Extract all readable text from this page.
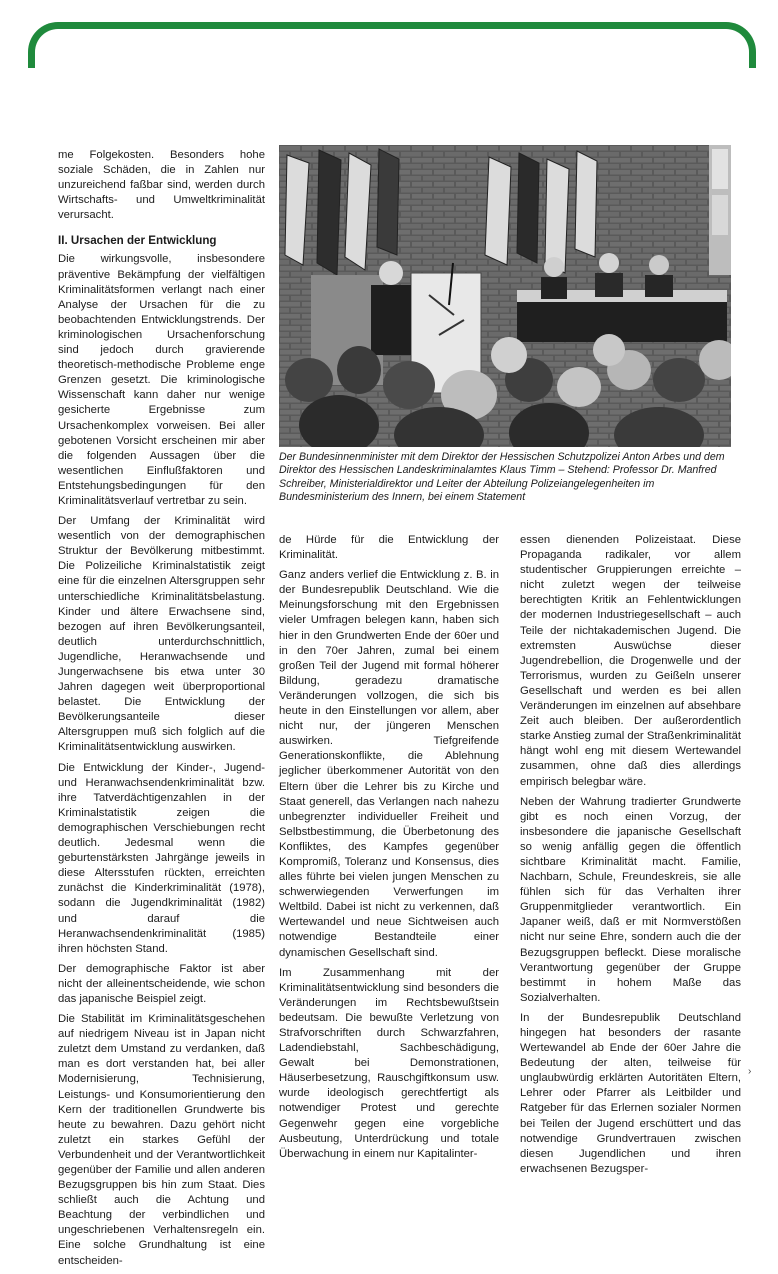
me Folgekosten. Besonders hohe soziale Schäden, die in Zahlen nur unzureichend faßbar sind, werden durch Wirtschafts- und Umweltkriminalität verursacht.

II. Ursachen der Entwicklung

Die wirkungsvolle, insbesondere präventive Bekämpfung der vielfältigen Kriminalitätsformen verlangt nach einer Analyse der Ursachen für die zu beobachtenden Entwicklungstrends. Der kriminologischen Ursachenforschung sind jedoch durch gravierende theoretisch-methodische Probleme enge Grenzen gesetzt. Die kriminologische Wissenschaft kann daher nur wenige gesicherte Ergebnisse zum Ursachenkomplex vorweisen. Bei aller gebotenen Vorsicht erscheinen mir aber die folgenden Aussagen über die wesentlichen Einflußfaktoren und Entstehungsbedingungen für den Kriminalitätsverlauf vertretbar zu sein.

Der Umfang der Kriminalität wird wesentlich von der demographischen Struktur der Bevölkerung mitbestimmt. Die Polizeiliche Kriminalstatistik zeigt eine für die einzelnen Altersgruppen sehr unterschiedliche Kriminalitätsbelastung. Kinder und ältere Erwachsene sind, bezogen auf ihren Bevölkerungsanteil, deutlich unterdurchschnittlich, Jugendliche, Heranwachsende und Jungerwachsene bis etwa unter 30 Jahren dagegen weit überproportional belastet. Die Entwicklung der Bevölkerungsanteile dieser Altersgruppen muß sich folglich auf die Kriminalitätsentwicklung auswirken.

Die Entwicklung der Kinder-, Jugend- und Heranwachsendenkriminalität bzw. ihre Tatverdächtigenzahlen in der Kriminalstatistik zeigen die demographischen Verschiebungen recht deutlich. Jedesmal wenn die geburtenstärksten Jahrgänge jeweils in diese Altersstufen rückten, erreichten zunächst die Kinderkriminalität (1978), sodann die Jugendkriminalität (1982) und darauf die Heranwachsendenkriminalität (1985) ihren höchsten Stand.

Der demographische Faktor ist aber nicht der alleinentscheidende, wie schon das japanische Beispiel zeigt.

Die Stabilität im Kriminalitätsgeschehen auf niedrigem Niveau ist in Japan nicht zuletzt dem Umstand zu verdanken, daß man es dort verstanden hat, bei aller Modernisierung, Technisierung, Leistungs- und Konsumorientierung den Kern der traditionellen Grundwerte bis heute zu bewahren. Dazu gehört nicht zuletzt ein starkes Gefühl der Verbundenheit und der Verantwortlichkeit gegenüber der Familie und allen anderen Bezugsgruppen bis hin zum Staat. Dies schließt auch die Achtung und Beachtung der verbindlichen und ungeschriebenen Verhaltensregeln ein. Eine solche Grundhaltung ist eine entscheiden-

Der Bundesinnenminister mit dem Direktor der Hessischen Schutzpolizei Anton Arbes und dem Direktor des Hessischen Landeskriminalamtes Klaus Timm – Stehend: Professor Dr. Manfred Schreiber, Ministerialdirektor und Leiter der Abteilung Polizeiangelegenheiten im Bundesministerium des Innern, bei einem Statement

de Hürde für die Entwicklung der Kriminalität.

Ganz anders verlief die Entwicklung z. B. in der Bundesrepublik Deutschland. Wie die Meinungsforschung mit den Ergebnissen vieler Umfragen belegen kann, haben sich hier in den Grundwerten Ende der 60er und in den 70er Jahren, zumal bei einem großen Teil der Jugend mit formal höherer Bildung, geradezu dramatische Veränderungen vollzogen, die sich bis heute in den Einstellungen vor allem, aber nicht nur, der jüngeren Menschen auswirken. Tiefgreifende Generationskonflikte, die Ablehnung jeglicher überkommener Autorität von den Eltern über die Lehrer bis zu Kirche und Staat generell, das Verlangen nach nahezu unbegrenzter individueller Freiheit und Selbstbestimmung, die Überbetonung des Konfliktes, des Kampfes gegenüber Kompromiß, Toleranz und Konsensus, dies alles führte bei vielen jungen Menschen zu schwerwiegenden Verwerfungen im Weltbild. Dabei ist nicht zu verkennen, daß Wertewandel und neue Sichtweisen auch notwendige Bestandteile einer dynamischen Gesellschaft sind.

Im Zusammenhang mit der Kriminalitätsentwicklung sind besonders die Veränderungen im Rechtsbewußtsein bedeutsam. Die bewußte Verletzung von Strafvorschriften durch Schwarzfahren, Ladendiebstahl, Sachbeschädigung, Gewalt bei Demonstrationen, Häuserbesetzung, Rauschgiftkonsum usw. wurde ideologisch gerechtfertigt als notwendiger Protest und gerechte Gegenwehr gegen eine vorgebliche Ausbeutung, Unterdrückung und totale Überwachung in einem nur Kapitalinter-

essen dienenden Polizeistaat. Diese Propaganda radikaler, vor allem studentischer Gruppierungen erreichte – nicht zuletzt wegen der teilweise berechtigten Kritik an Fehlentwicklungen der modernen Industriegesellschaft – auch Teile der nichtakademischen Jugend. Die extremsten Auswüchse dieser Jugendrebellion, die Drogenwelle und der Terrorismus, wurden zu Geißeln unserer Gesellschaft und werden es bei allen Veränderungen im einzelnen auf absehbare Zeit auch bleiben. Der außerordentlich starke Anstieg zumal der Straßenkriminalität hängt wohl eng mit diesem Wertewandel zusammen, ohne daß dies allerdings empirisch belegbar wäre.

Neben der Wahrung tradierter Grundwerte gibt es noch einen Vorzug, der insbesondere die japanische Gesellschaft so wenig anfällig gegen die öffentlich sichtbare Kriminalität macht. Familie, Nachbarn, Schule, Freundeskreis, sie alle fühlen sich für das Verhalten ihrer Gruppenmitglieder verantwortlich. Ein Japaner weiß, daß er mit Normverstößen nicht nur seine Ehre, sondern auch die der Bezugsgruppen befleckt. Diese moralische Verantwortung gegenüber der Gruppe bestimmt in hohem Maße das Sozialverhalten.

In der Bundesrepublik Deutschland hingegen hat besonders der rasante Wertewandel ab Ende der 60er Jahre die Bedeutung der alten, teilweise für unglaubwürdig erklärten Autoritäten Eltern, Lehrer oder Pfarrer als Leitbilder und Ratgeber für das Erlernen sozialer Normen bei Teilen der Jugend erschüttert und das notwendige Grundvertrauen zwischen diesen Jugendlichen und ihren erwachsenen Bezugsper-

›
